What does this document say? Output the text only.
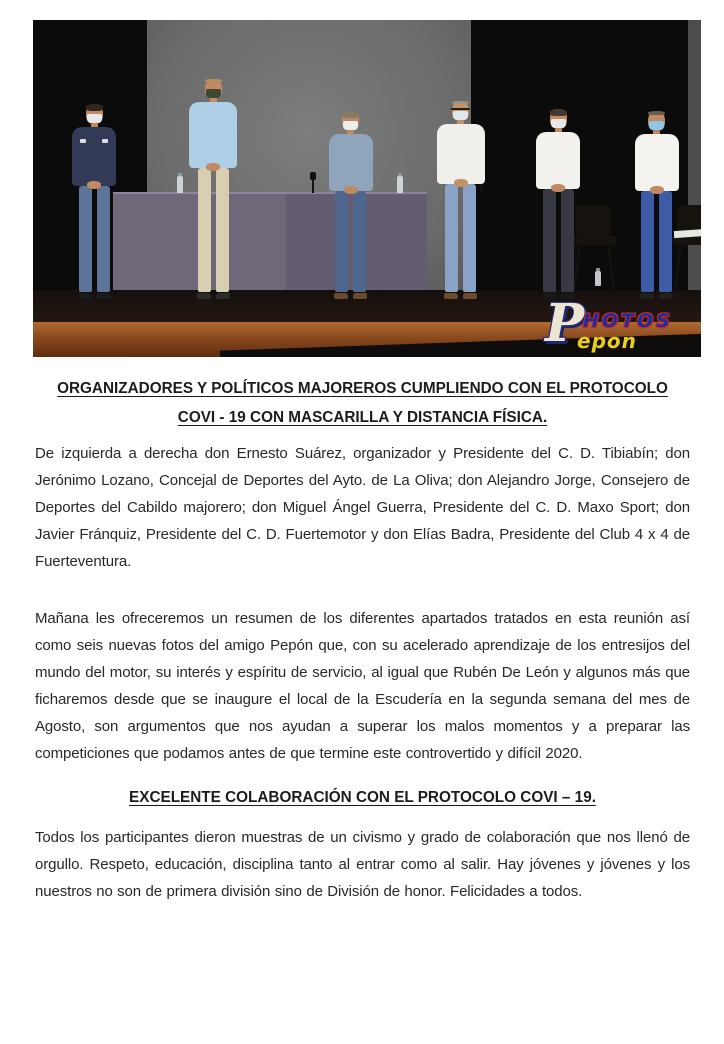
P
HOTOS
epon
ORGANIZADORES Y POLÍTICOS MAJOREROS CUMPLIENDO CON EL PROTOCOLO
COVI - 19 CON MASCARILLA Y DISTANCIA FÍSICA.

De izquierda a derecha don Ernesto Suárez, organizador y Presidente del C. D. Tibiabín; don Jerónimo Lozano, Concejal de Deportes del Ayto. de La Oliva; don Alejandro Jorge, Consejero de Deportes del Cabildo majorero; don Miguel Ángel Guerra, Presidente del C. D. Maxo Sport; don Javier Fránquiz, Presidente del C. D. Fuertemotor y don Elías Badra, Presidente del Club 4 x 4 de Fuerteventura.

Mañana les ofreceremos un resumen de los diferentes apartados tratados en esta reunión así como seis nuevas fotos del amigo Pepón que, con su acelerado aprendizaje de los entresijos del mundo del motor, su interés y espíritu de servicio, al igual que Rubén De León y algunos más que ficharemos desde que se inaugure el local de la Escudería en la segunda semana del mes de Agosto, son argumentos que nos ayudan a superar los malos momentos y a preparar las competiciones que podamos antes de que termine este controvertido y difícil 2020.

EXCELENTE COLABORACIÓN CON EL PROTOCOLO COVI – 19.

Todos los participantes dieron muestras de un civismo y grado de colaboración que nos llenó de orgullo. Respeto, educación, disciplina tanto al entrar como al salir. Hay jóvenes y jóvenes y los nuestros no son de primera división sino de División de honor. Felicidades a todos.
